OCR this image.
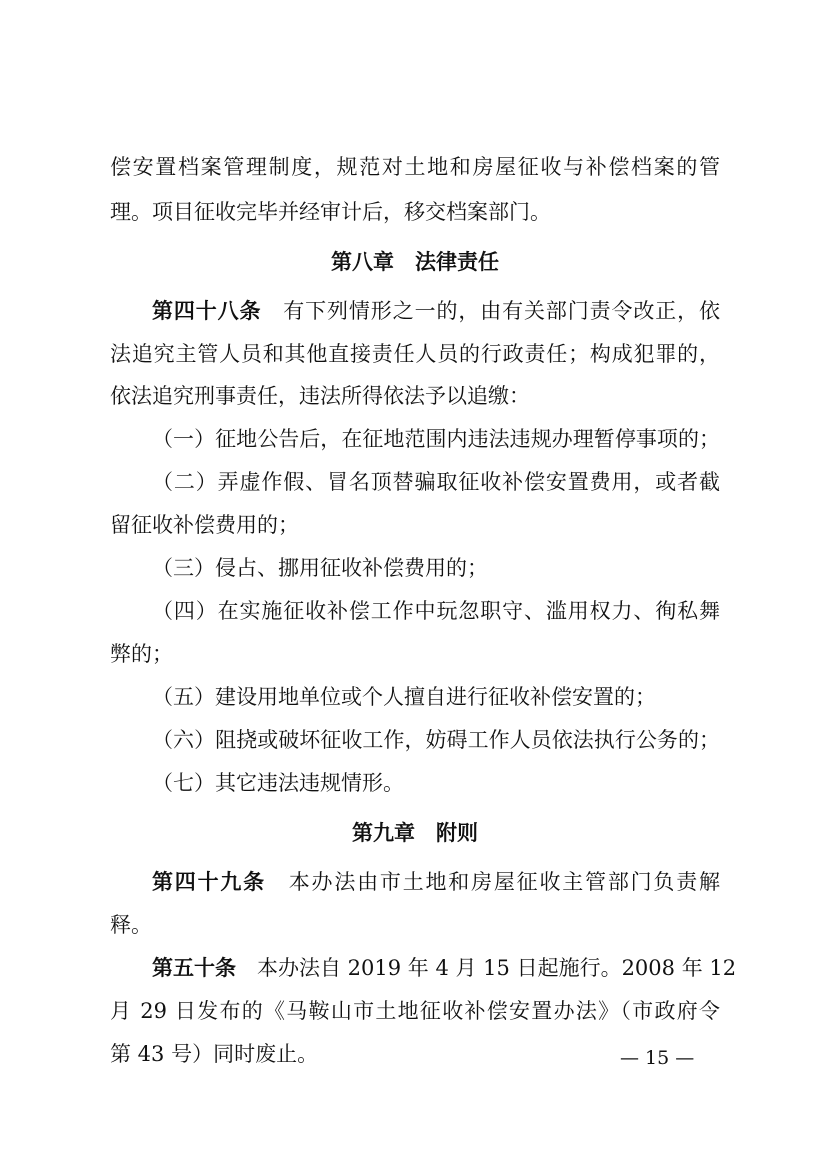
偿安置档案管理制度，规范对土地和房屋征收与补偿档案的管
理。项目征收完毕并经审计后，移交档案部门。
第八章　法律责任
第四十八条　有下列情形之一的，由有关部门责令改正，依
法追究主管人员和其他直接责任人员的行政责任；构成犯罪的，
依法追究刑事责任，违法所得依法予以追缴：
（一）征地公告后，在征地范围内违法违规办理暂停事项的；
（二）弄虚作假、冒名顶替骗取征收补偿安置费用，或者截
留征收补偿费用的；
（三）侵占、挪用征收补偿费用的；
（四）在实施征收补偿工作中玩忽职守、滥用权力、徇私舞
弊的；
（五）建设用地单位或个人擅自进行征收补偿安置的；
（六）阻挠或破坏征收工作，妨碍工作人员依法执行公务的；
（七）其它违法违规情形。
第九章　附则
第四十九条　本办法由市土地和房屋征收主管部门负责解
释。
第五十条　本办法自 2019 年 4 月 15 日起施行。2008 年 12
月 29 日发布的《马鞍山市土地征收补偿安置办法》（市政府令
第 43 号）同时废止。	— 15 —
